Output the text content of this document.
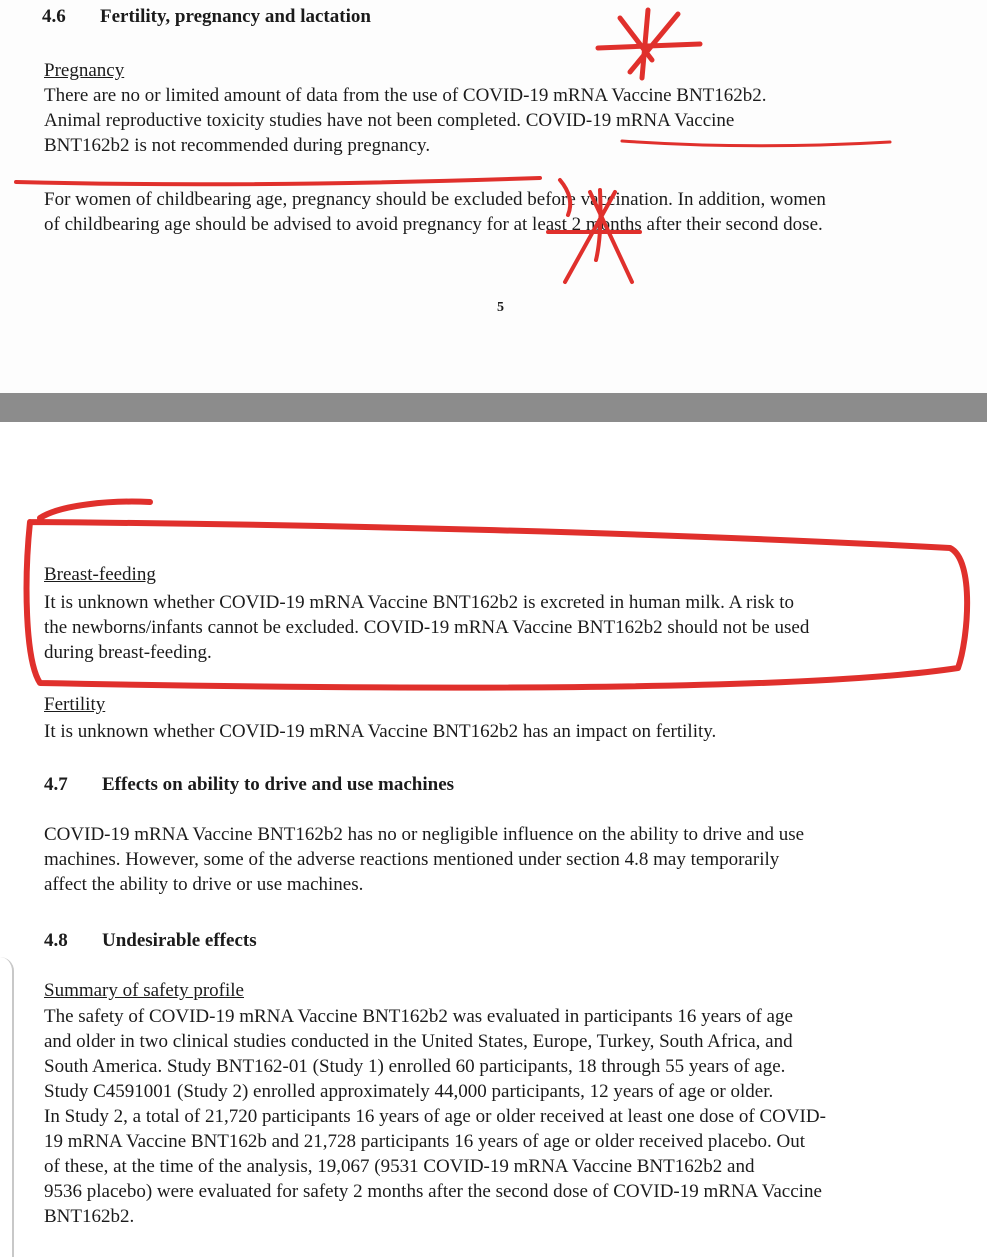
4.6 Fertility, pregnancy and lactation
Pregnancy
There are no or limited amount of data from the use of COVID-19 mRNA Vaccine BNT162b2.
Animal reproductive toxicity studies have not been completed. COVID-19 mRNA Vaccine
BNT162b2 is not recommended during pregnancy.
For women of childbearing age, pregnancy should be excluded before vaccination. In addition, women
of childbearing age should be advised to avoid pregnancy for at least 2 months after their second dose.
5
Breast-feeding
It is unknown whether COVID-19 mRNA Vaccine BNT162b2 is excreted in human milk. A risk to
the newborns/infants cannot be excluded. COVID-19 mRNA Vaccine BNT162b2 should not be used
during breast-feeding.
Fertility
It is unknown whether COVID-19 mRNA Vaccine BNT162b2 has an impact on fertility.
4.7 Effects on ability to drive and use machines
COVID-19 mRNA Vaccine BNT162b2 has no or negligible influence on the ability to drive and use
machines. However, some of the adverse reactions mentioned under section 4.8 may temporarily
affect the ability to drive or use machines.
4.8 Undesirable effects
Summary of safety profile
The safety of COVID-19 mRNA Vaccine BNT162b2 was evaluated in participants 16 years of age
and older in two clinical studies conducted in the United States, Europe, Turkey, South Africa, and
South America. Study BNT162-01 (Study 1) enrolled 60 participants, 18 through 55 years of age.
Study C4591001 (Study 2) enrolled approximately 44,000 participants, 12 years of age or older.
In Study 2, a total of 21,720 participants 16 years of age or older received at least one dose of COVID-
19 mRNA Vaccine BNT162b and 21,728 participants 16 years of age or older received placebo. Out
of these, at the time of the analysis, 19,067 (9531 COVID-19 mRNA Vaccine BNT162b2 and
9536 placebo) were evaluated for safety 2 months after the second dose of COVID-19 mRNA Vaccine
BNT162b2.
